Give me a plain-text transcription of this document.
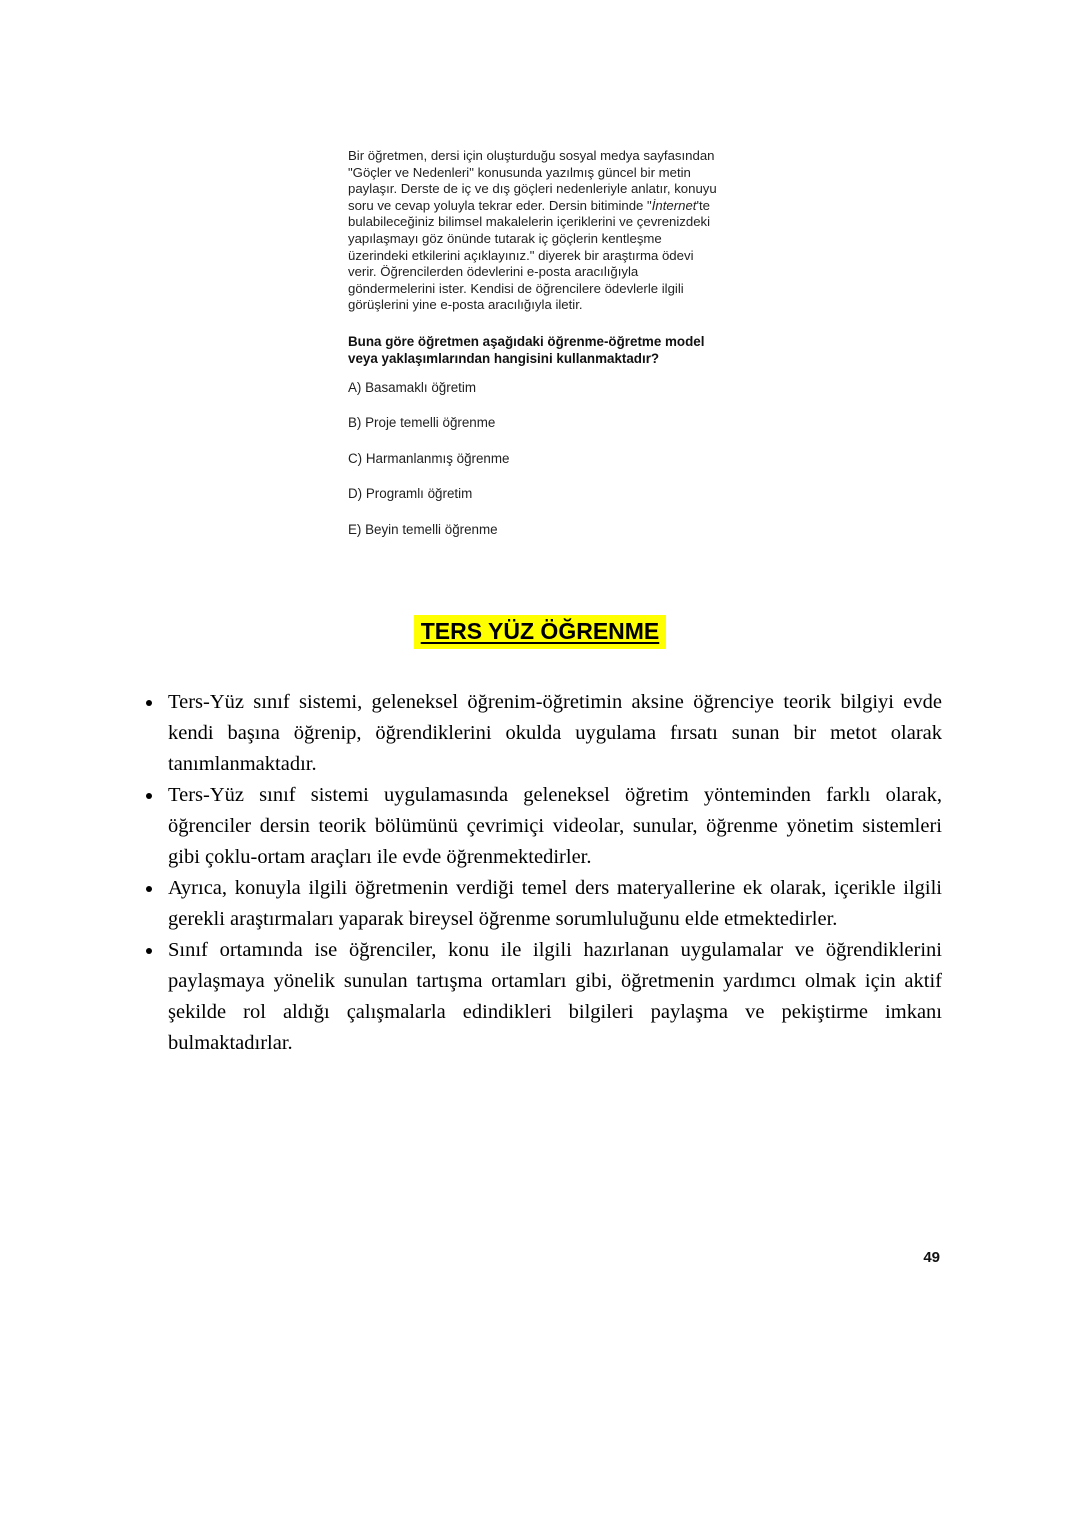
Bir öğretmen, dersi için oluşturduğu sosyal medya sayfasından "Göçler ve Nedenleri" konusunda yazılmış güncel bir metin paylaşır. Derste de iç ve dış göçleri nedenleriyle anlatır, konuyu soru ve cevap yoluyla tekrar eder. Dersin bitiminde "İnternet'te bulabileceğiniz bilimsel makalelerin içeriklerini ve çevrenizdeki yapılaşmayı göz önünde tutarak iç göçlerin kentleşme üzerindeki etkilerini açıklayınız." diyerek bir araştırma ödevi verir. Öğrencilerden ödevlerini e-posta aracılığıyla göndermelerini ister. Kendisi de öğrencilere ödevlerle ilgili görüşlerini yine e-posta aracılığıyla iletir.

Buna göre öğretmen aşağıdaki öğrenme-öğretme model veya yaklaşımlarından hangisini kullanmaktadır?

A) Basamaklı öğretim

B) Proje temelli öğrenme

C) Harmanlanmış öğrenme

D) Programlı öğretim

E) Beyin temelli öğrenme

TERS YÜZ ÖĞRENME
Ters-Yüz sınıf sistemi, geleneksel öğrenim-öğretimin aksine öğrenciye teorik bilgiyi evde kendi başına öğrenip, öğrendiklerini okulda uygulama fırsatı sunan bir metot olarak tanımlanmaktadır.
Ters-Yüz sınıf sistemi uygulamasında geleneksel öğretim yönteminden farklı olarak, öğrenciler dersin teorik bölümünü çevrimiçi videolar, sunular, öğrenme yönetim sistemleri gibi çoklu-ortam araçları ile evde öğrenmektedirler.
Ayrıca, konuyla ilgili öğretmenin verdiği temel ders materyallerine ek olarak, içerikle ilgili gerekli araştırmaları yaparak bireysel öğrenme sorumluluğunu elde etmektedirler.
Sınıf ortamında ise öğrenciler, konu ile ilgili hazırlanan uygulamalar ve öğrendiklerini paylaşmaya yönelik sunulan tartışma ortamları gibi, öğretmenin yardımcı olmak için aktif şekilde rol aldığı çalışmalarla edindikleri bilgileri paylaşma ve pekiştirme imkanı bulmaktadırlar.
49
